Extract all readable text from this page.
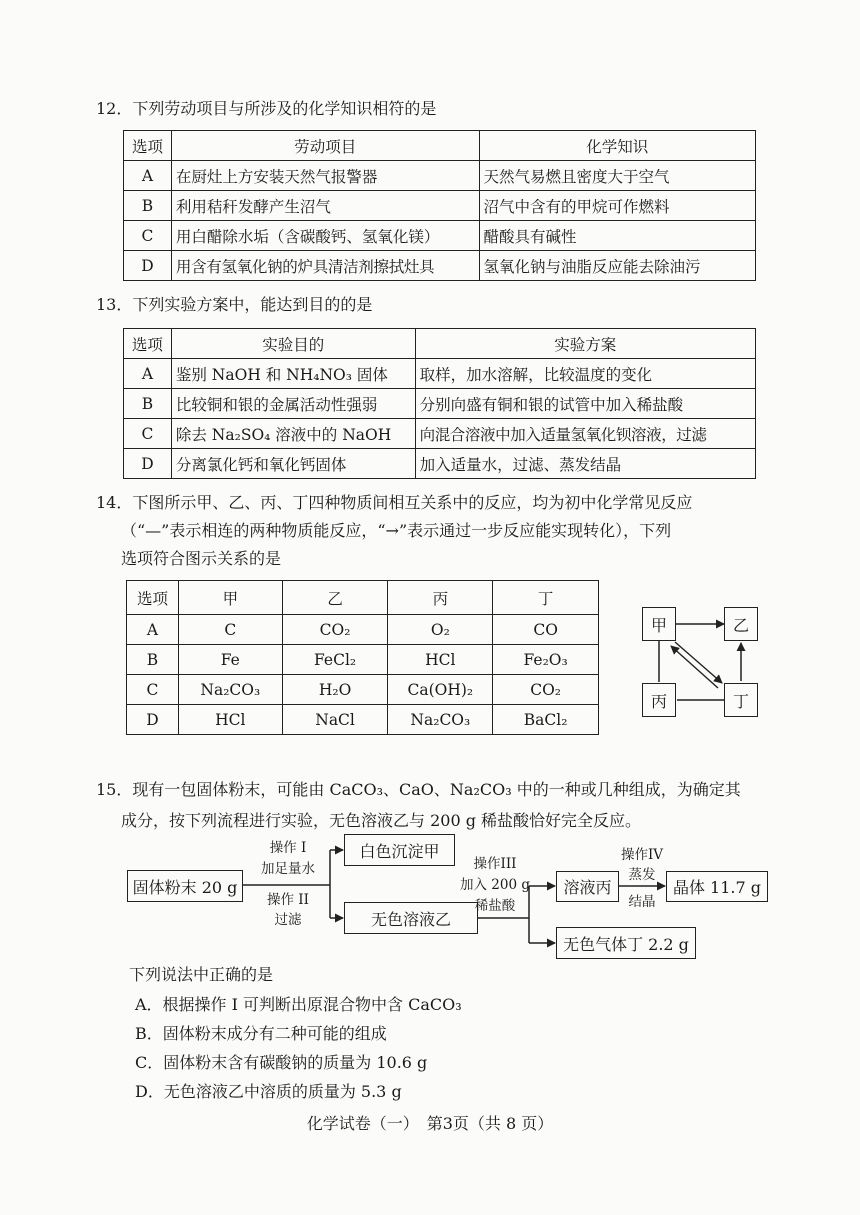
12．下列劳动项目与所涉及的化学知识相符的是
选项	劳动项目	化学知识
A	在厨灶上方安装天然气报警器	天然气易燃且密度大于空气
B	利用秸秆发酵产生沼气	沼气中含有的甲烷可作燃料
C	用白醋除水垢（含碳酸钙、氢氧化镁）	醋酸具有碱性
D	用含有氢氧化钠的炉具清洁剂擦拭灶具	氢氧化钠与油脂反应能去除油污
13．下列实验方案中，能达到目的的是
选项	实验目的	实验方案
A	鉴别 NaOH 和 NH₄NO₃ 固体	取样，加水溶解，比较温度的变化
B	比较铜和银的金属活动性强弱	分别向盛有铜和银的试管中加入稀盐酸
C	除去 Na₂SO₄ 溶液中的 NaOH	向混合溶液中加入适量氢氧化钡溶液，过滤
D	分离氯化钙和氧化钙固体	加入适量水，过滤、蒸发结晶
14．下图所示甲、乙、丙、丁四种物质间相互关系中的反应，均为初中化学常见反应
（“—”表示相连的两种物质能反应，“→”表示通过一步反应能实现转化），下列
选项符合图示关系的是
选项	甲	乙	丙	丁
A	C	CO₂	O₂	CO
B	Fe	FeCl₂	HCl	Fe₂O₃
C	Na₂CO₃	H₂O	Ca(OH)₂	CO₂
D	HCl	NaCl	Na₂CO₃	BaCl₂
甲	乙
丙	丁
15．现有一包固体粉末，可能由 CaCO₃、CaO、Na₂CO₃ 中的一种或几种组成，为确定其
成分，按下列流程进行实验，无色溶液乙与 200 g 稀盐酸恰好完全反应。
固体粉末 20 g
操作 I
加足量水
操作 II
过滤
白色沉淀甲
无色溶液乙
操作III
加入 200 g
稀盐酸
溶液丙
无色气体丁 2.2 g
操作IV
蒸发
结晶
晶体 11.7 g
下列说法中正确的是
A．根据操作 I 可判断出原混合物中含 CaCO₃
B．固体粉末成分有二种可能的组成
C．固体粉末含有碳酸钠的质量为 10.6 g
D．无色溶液乙中溶质的质量为 5.3 g
化学试卷（一）　第3页（共 8 页）
